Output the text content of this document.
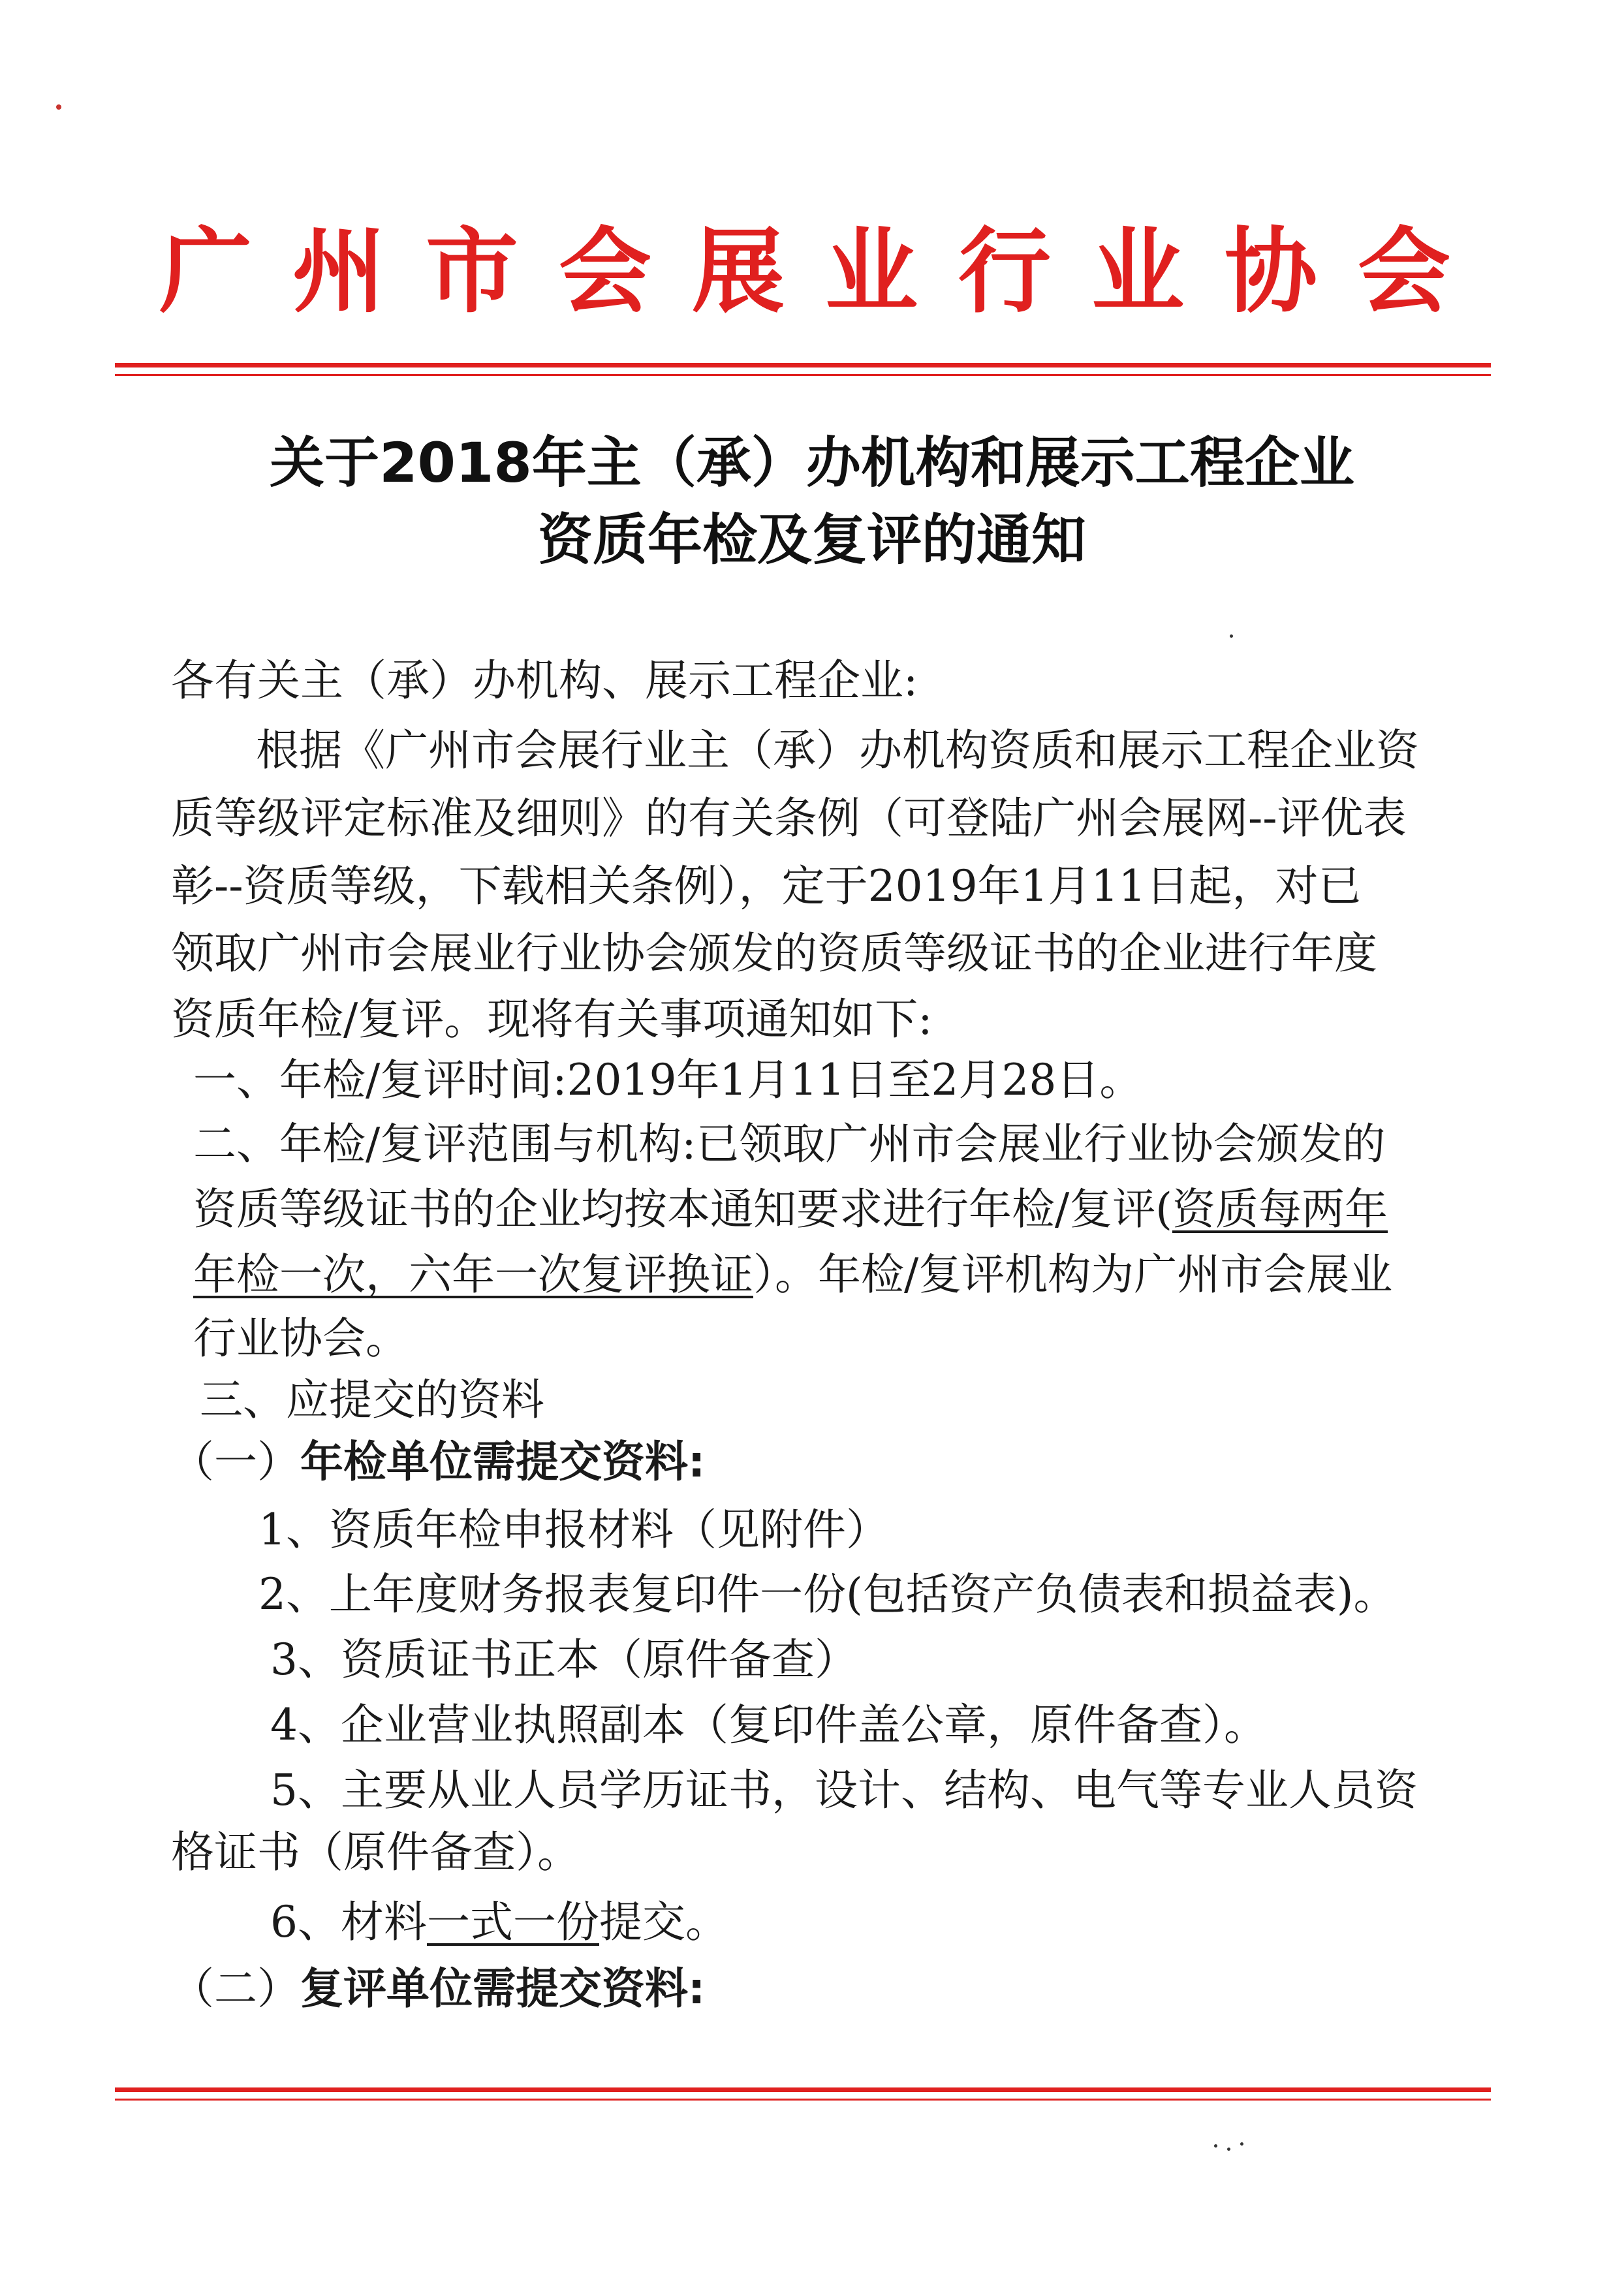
广州市会展业行业协会
关于2018年主（承）办机构和展示工程企业
资质年检及复评的通知
各有关主（承）办机构、展示工程企业:
根据《广州市会展行业主（承）办机构资质和展示工程企业资
质等级评定标准及细则》的有关条例（可登陆广州会展网--评优表
彰--资质等级，下载相关条例），定于2019年1月11日起，对已
领取广州市会展业行业协会颁发的资质等级证书的企业进行年度
资质年检/复评。现将有关事项通知如下:
一、年检/复评时间:2019年1月11日至2月28日。
二、年检/复评范围与机构:已领取广州市会展业行业协会颁发的
资质等级证书的企业均按本通知要求进行年检/复评(资质每两年
年检一次，六年一次复评换证）。年检/复评机构为广州市会展业
行业协会。
三、应提交的资料
（一）年检单位需提交资料:
1、资质年检申报材料（见附件）
2、上年度财务报表复印件一份(包括资产负债表和损益表)。
3、资质证书正本（原件备查）
4、企业营业执照副本（复印件盖公章，原件备查）。
5、主要从业人员学历证书，设计、结构、电气等专业人员资
格证书（原件备查）。
6、材料一式一份提交。
（二）复评单位需提交资料:
